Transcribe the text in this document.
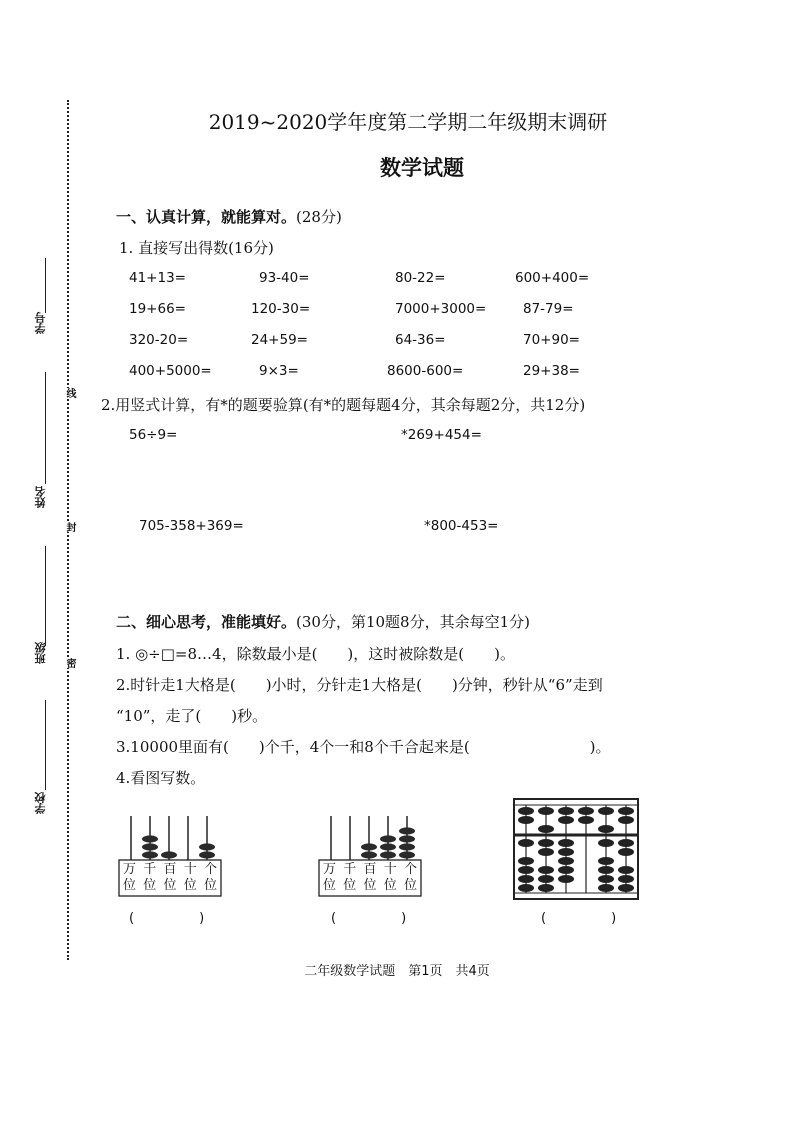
学号
姓名
班级
学校
线
封
密
2019~2020学年度第二学期二年级期末调研
数学试题
一、认真计算，就能算对。(28分)
1. 直接写出得数(16分)
41+13=	93-40=	80-22=	600+400=
19+66=	120-30=	7000+3000=	87-79=
320-20=	24+59=	64-36=	70+90=
400+5000=	9×3=	8600-600=	29+38=
2.用竖式计算，有*的题要验算(有*的题每题4分，其余每题2分，共12分)
56÷9=	*269+454=
705-358+369=	*800-453=
二、细心思考，准能填好。(30分，第10题8分，其余每空1分)
1. ◎÷□=8…4，除数最小是(　　)，这时被除数是(　　)。
2.时针走1大格是(　　)小时，分针走1大格是(　　)分钟，秒针从“6”走到
“10”，走了(　　)秒。
3.10000里面有(　　)个千，4个一和8个千合起来是(　　　　　　　　)。
4.看图写数。
万 千 百 十 个
位 位 位 位 位
(　　　　　)
万 千 百 十 个
位 位 位 位 位
(　　　　　)	(　　　　　)
二年级数学试题　第1页　共4页
